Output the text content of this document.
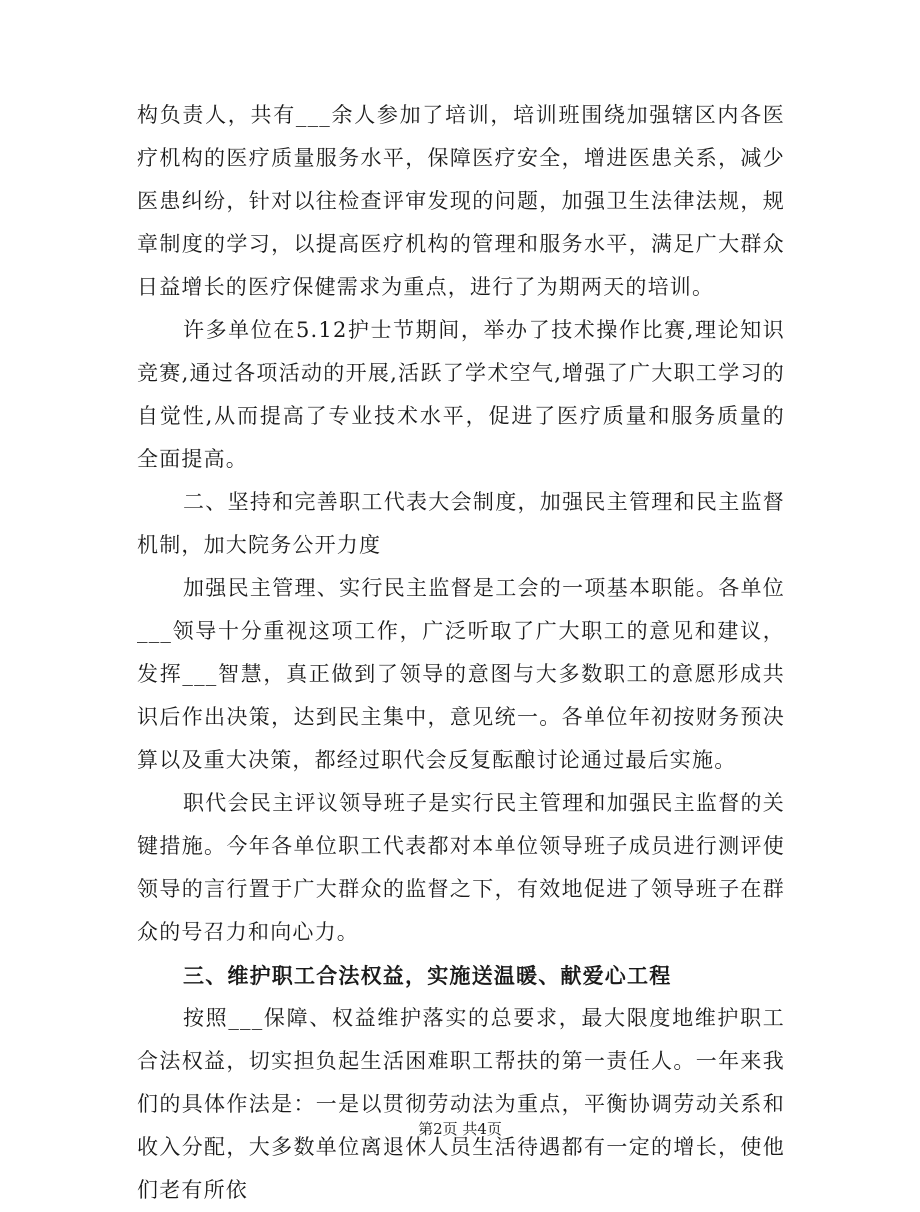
构负责人，共有___余人参加了培训，培训班围绕加强辖区内各医疗机构的医疗质量服务水平，保障医疗安全，增进医患关系，减少医患纠纷，针对以往检查评审发现的问题，加强卫生法律法规，规章制度的学习，以提高医疗机构的管理和服务水平，满足广大群众日益增长的医疗保健需求为重点，进行了为期两天的培训。

许多单位在5.12护士节期间，举办了技术操作比赛,理论知识竞赛,通过各项活动的开展,活跃了学术空气,增强了广大职工学习的自觉性,从而提高了专业技术水平，促进了医疗质量和服务质量的全面提高。

二、坚持和完善职工代表大会制度，加强民主管理和民主监督机制，加大院务公开力度

加强民主管理、实行民主监督是工会的一项基本职能。各单位___领导十分重视这项工作，广泛听取了广大职工的意见和建议，发挥___智慧，真正做到了领导的意图与大多数职工的意愿形成共识后作出决策，达到民主集中，意见统一。各单位年初按财务预决算以及重大决策，都经过职代会反复酝酿讨论通过最后实施。

职代会民主评议领导班子是实行民主管理和加强民主监督的关键措施。今年各单位职工代表都对本单位领导班子成员进行测评使领导的言行置于广大群众的监督之下，有效地促进了领导班子在群众的号召力和向心力。

三、维护职工合法权益，实施送温暖、献爱心工程

按照___保障、权益维护落实的总要求，最大限度地维护职工合法权益，切实担负起生活困难职工帮扶的第一责任人。一年来我们的具体作法是：一是以贯彻劳动法为重点，平衡协调劳动关系和收入分配，大多数单位离退休人员生活待遇都有一定的增长，使他们老有所依

第2页 共4页
